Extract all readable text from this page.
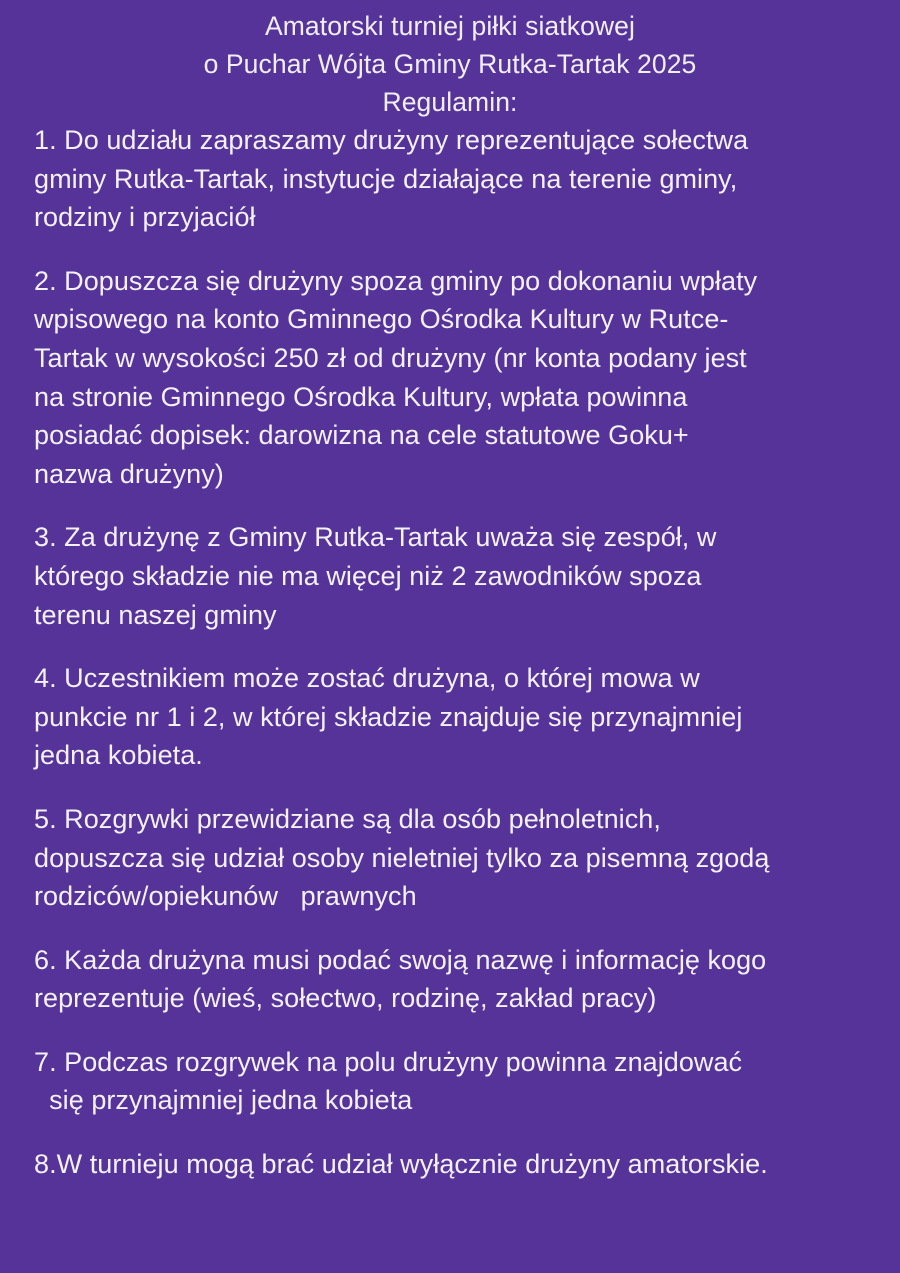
Amatorski turniej piłki siatkowej
o Puchar Wójta Gminy Rutka-Tartak 2025
Regulamin:
1. Do udziału zapraszamy drużyny reprezentujące sołectwa
gminy Rutka-Tartak, instytucje działające na terenie gminy,
rodziny i przyjaciół
2. Dopuszcza się drużyny spoza gminy po dokonaniu wpłaty
wpisowego na konto Gminnego Ośrodka Kultury w Rutce-
Tartak w wysokości 250 zł od drużyny (nr konta podany jest
na stronie Gminnego Ośrodka Kultury, wpłata powinna
posiadać dopisek: darowizna na cele statutowe Goku+
nazwa drużyny)
3. Za drużynę z Gminy Rutka-Tartak uważa się zespół, w
którego składzie nie ma więcej niż 2 zawodników spoza
terenu naszej gminy
4. Uczestnikiem może zostać drużyna, o której mowa w
punkcie nr 1 i 2, w której składzie znajduje się przynajmniej
jedna kobieta.
5. Rozgrywki przewidziane są dla osób pełnoletnich,
dopuszcza się udział osoby nieletniej tylko za pisemną zgodą
rodziców/opiekunów   prawnych
6. Każda drużyna musi podać swoją nazwę i informację kogo
reprezentuje (wieś, sołectwo, rodzinę, zakład pracy)
7. Podczas rozgrywek na polu drużyny powinna znajdować
się przynajmniej jedna kobieta
8.W turnieju mogą brać udział wyłącznie drużyny amatorskie.
